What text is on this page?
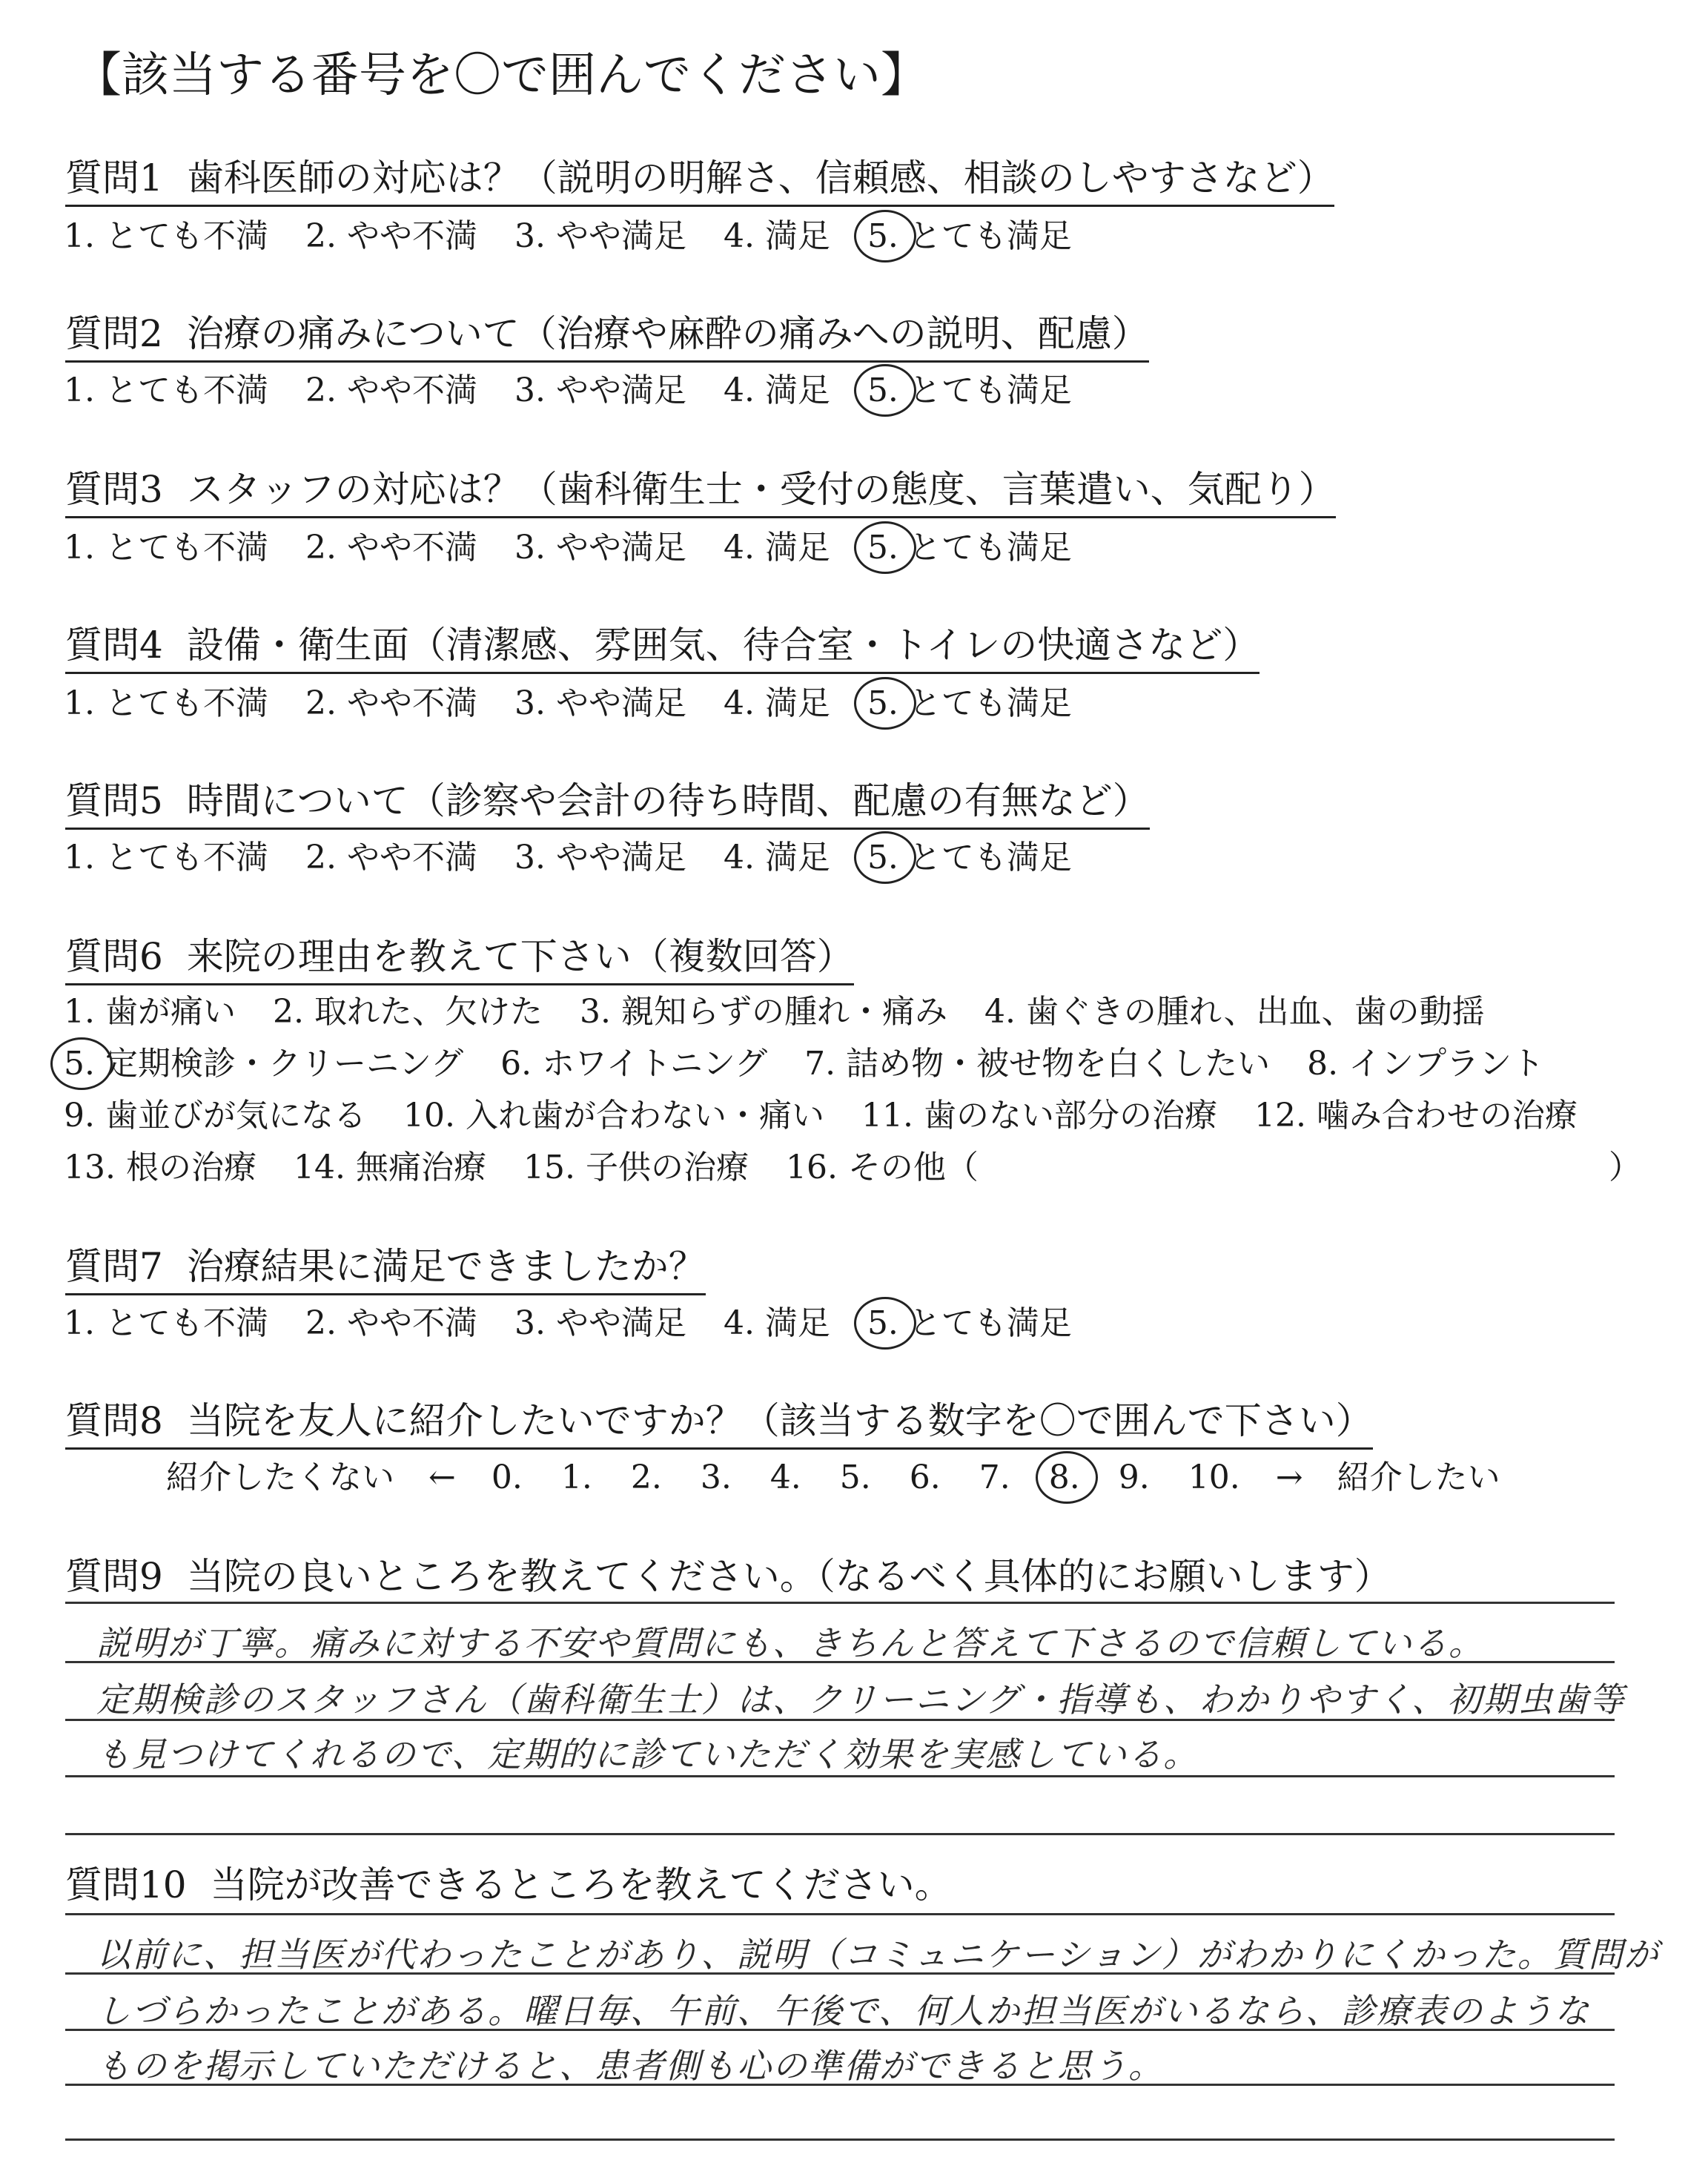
【該当する番号を〇で囲んでください】
質問1 歯科医師の対応は？（説明の明解さ、信頼感、相談のしやすさなど）
1. とても不満 2. やや不満 3. やや満足 4. 満足 5. とても満足
質問2 治療の痛みについて（治療や麻酔の痛みへの説明、配慮）
1. とても不満 2. やや不満 3. やや満足 4. 満足 5. とても満足
質問3 スタッフの対応は？（歯科衛生士・受付の態度、言葉遣い、気配り）
1. とても不満 2. やや不満 3. やや満足 4. 満足 5. とても満足
質問4 設備・衛生面（清潔感、雰囲気、待合室・トイレの快適さなど）
1. とても不満 2. やや不満 3. やや満足 4. 満足 5. とても満足
質問5 時間について（診察や会計の待ち時間、配慮の有無など）
1. とても不満 2. やや不満 3. やや満足 4. 満足 5. とても満足
質問6 来院の理由を教えて下さい（複数回答）
1. 歯が痛い 2. 取れた、欠けた 3. 親知らずの腫れ・痛み 4. 歯ぐきの腫れ、出血、歯の動揺
5. 定期検診・クリーニング 6. ホワイトニング 7. 詰め物・被せ物を白くしたい 8. インプラント
9. 歯並びが気になる 10. 入れ歯が合わない・痛い 11. 歯のない部分の治療 12. 噛み合わせの治療
13. 根の治療 14. 無痛治療 15. 子供の治療 16. その他（	）
質問7 治療結果に満足できましたか？
1. とても不満 2. やや不満 3. やや満足 4. 満足 5. とても満足
質問8 当院を友人に紹介したいですか？（該当する数字を〇で囲んで下さい）
紹介したくない ← 0. 1. 2. 3. 4. 5. 6. 7. 8. 9. 10. → 紹介したい
質問9 当院の良いところを教えてください。（なるべく具体的にお願いします）
説明が丁寧。痛みに対する不安や質問にも、きちんと答えて下さるので信頼している。
定期検診のスタッフさん（歯科衛生士）は、クリーニング・指導も、わかりやすく、初期虫歯等
も見つけてくれるので、定期的に診ていただく効果を実感している。
質問10 当院が改善できるところを教えてください。
以前に、担当医が代わったことがあり、説明（コミュニケーション）がわかりにくかった。質問が
しづらかったことがある。曜日毎、午前、午後で、何人か担当医がいるなら、診療表のような
ものを掲示していただけると、患者側も心の準備ができると思う。
